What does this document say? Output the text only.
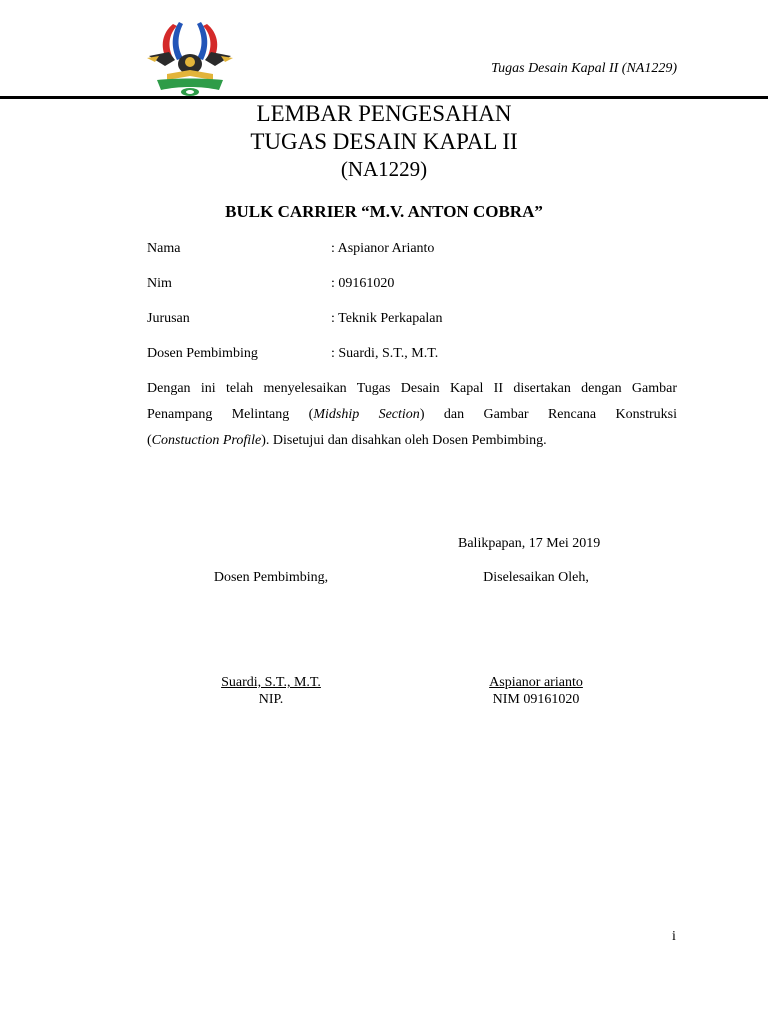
Tugas Desain Kapal II (NA1229)
LEMBAR PENGESAHAN
TUGAS DESAIN KAPAL II
(NA1229)
BULK CARRIER “M.V. ANTON COBRA”
Nama	: Aspianor Arianto
Nim	: 09161020
Jurusan	: Teknik Perkapalan
Dosen Pembimbing	: Suardi, S.T., M.T.
Dengan ini telah menyelesaikan Tugas Desain Kapal II disertakan dengan Gambar
Penampang Melintang (Midship Section) dan Gambar Rencana Konstruksi
(Constuction Profile). Disetujui dan disahkan oleh Dosen Pembimbing.
Balikpapan, 17 Mei 2019
Dosen Pembimbing,	Diselesaikan Oleh,
Suardi, S.T., M.T.
NIP.
Aspianor arianto
NIM 09161020
i
